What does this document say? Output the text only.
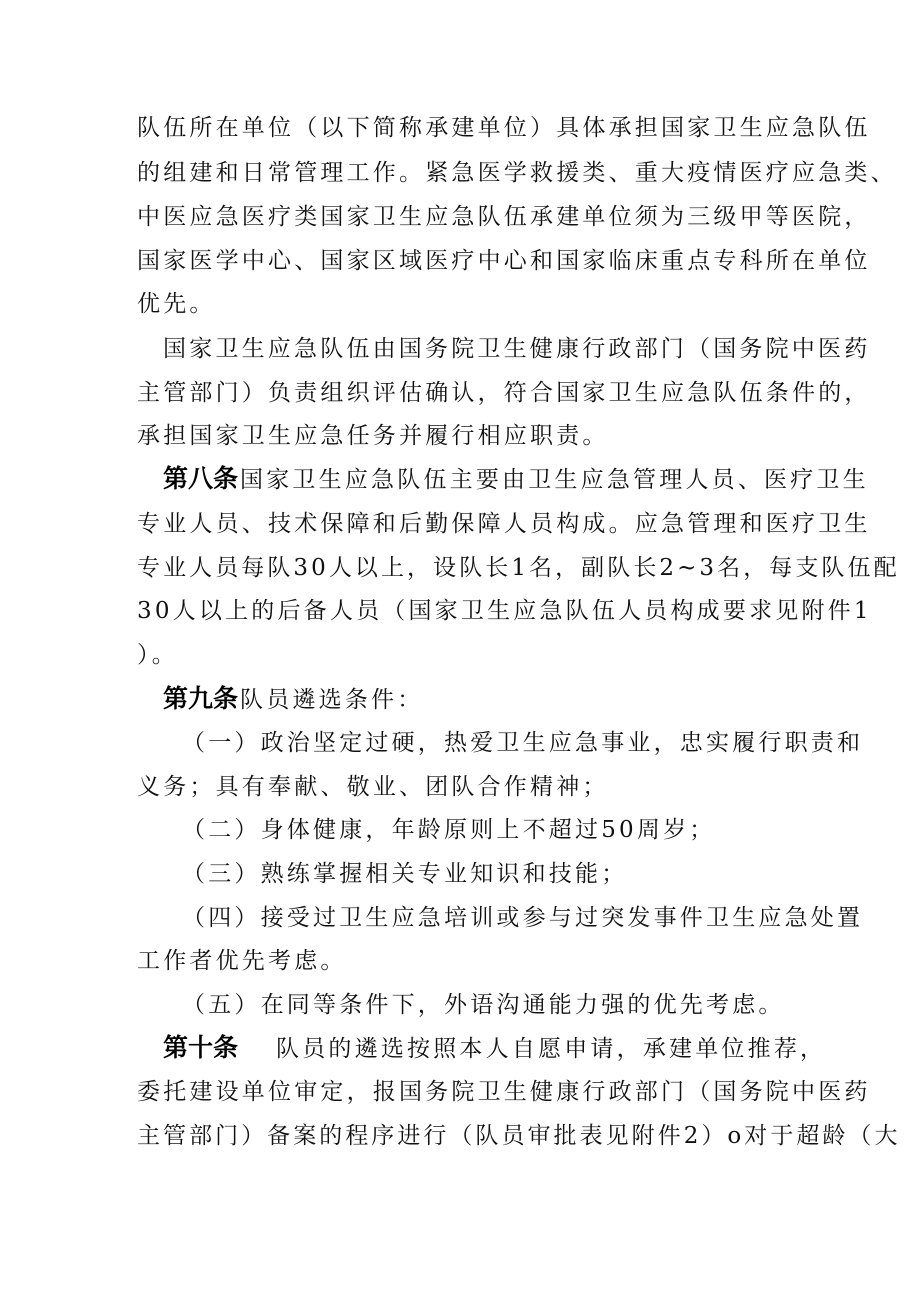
队伍所在单位（以下简称承建单位）具体承担国家卫生应急队伍
的组建和日常管理工作。紧急医学救援类、重大疫情医疗应急类、
中医应急医疗类国家卫生应急队伍承建单位须为三级甲等医院，
国家医学中心、国家区域医疗中心和国家临床重点专科所在单位
优先。
国家卫生应急队伍由国务院卫生健康行政部门（国务院中医药
主管部门）负责组织评估确认，符合国家卫生应急队伍条件的，
承担国家卫生应急任务并履行相应职责。
第八条国家卫生应急队伍主要由卫生应急管理人员、医疗卫生
专业人员、技术保障和后勤保障人员构成。应急管理和医疗卫生
专业人员每队30人以上，设队长1名，副队长2~3名，每支队伍配
30人以上的后备人员（国家卫生应急队伍人员构成要求见附件1
）。
第九条队员遴选条件：
（一）政治坚定过硬，热爱卫生应急事业，忠实履行职责和
义务；具有奉献、敬业、团队合作精神；
（二）身体健康，年龄原则上不超过50周岁；
（三）熟练掌握相关专业知识和技能；
（四）接受过卫生应急培训或参与过突发事件卫生应急处置
工作者优先考虑。
（五）在同等条件下，外语沟通能力强的优先考虑。
第十条 队员的遴选按照本人自愿申请，承建单位推荐，
委托建设单位审定，报国务院卫生健康行政部门（国务院中医药
主管部门）备案的程序进行（队员审批表见附件2）o对于超龄（大
